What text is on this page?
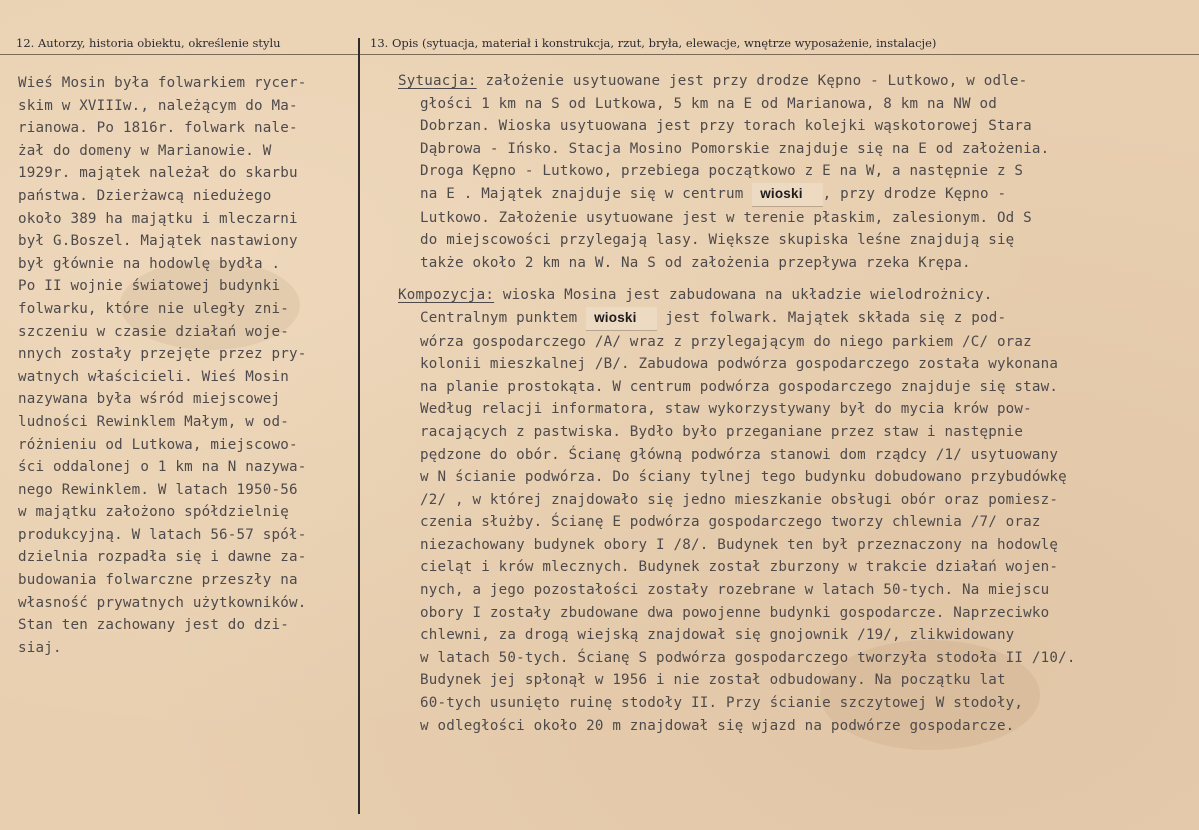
12. Autorzy, historia obiektu, określenie stylu	13. Opis (sytuacja, materiał i konstrukcja, rzut, bryła, elewacje, wnętrze wyposażenie, instalacje)
Wieś Mosin była folwarkiem rycer-
skim w XVIIIw., należącym do Ma-
rianowa. Po 1816r. folwark nale-
żał do domeny w Marianowie. W
1929r. majątek należał do skarbu
państwa. Dzierżawcą niedużego
około 389 ha majątku i mleczarni
był G.Boszel. Majątek nastawiony
był głównie na hodowlę bydła .
Po II wojnie światowej budynki
folwarku, które nie uległy zni-
szczeniu w czasie działań woje-
nnych zostały przejęte przez pry-
watnych właścicieli. Wieś Mosin
nazywana była wśród miejscowej
ludności Rewinklem Małym, w od-
różnieniu od Lutkowa, miejscowo-
ści oddalonej o 1 km na N nazywa-
nego Rewinklem. W latach 1950-56
w majątku założono spółdzielnię
produkcyjną. W latach 56-57 spół-
dzielnia rozpadła się i dawne za-
budowania folwarczne przeszły na
własność prywatnych użytkowników.
Stan ten zachowany jest do dzi-
siaj.
Sytuacja: założenie usytuowane jest przy drodze Kępno - Lutkowo, w odle-
głości 1 km na S od Lutkowa, 5 km na E od Marianowa, 8 km na NW od
Dobrzan. Wioska usytuowana jest przy torach kolejki wąskotorowej Stara
Dąbrowa - Ińsko. Stacja Mosino Pomorskie znajduje się na E od założenia.
Droga Kępno - Lutkowo, przebiega początkowo z E na W, a następnie z S
na E . Majątek znajduje się w centrum wioski , przy drodze Kępno -
Lutkowo. Założenie usytuowane jest w terenie płaskim, zalesionym. Od S
do miejscowości przylegają lasy. Większe skupiska leśne znajdują się
także około 2 km na W. Na S od założenia przepływa rzeka Krępa.
Kompozycja: wioska Mosina jest zabudowana na układzie wielodrożnicy.
Centralnym punktem wioski jest folwark. Majątek składa się z pod-
wórza gospodarczego /A/ wraz z przylegającym do niego parkiem /C/ oraz
kolonii mieszkalnej /B/. Zabudowa podwórza gospodarczego została wykonana
na planie prostokąta. W centrum podwórza gospodarczego znajduje się staw.
Według relacji informatora, staw wykorzystywany był do mycia krów pow-
racających z pastwiska. Bydło było przeganiane przez staw i następnie
pędzone do obór. Ścianę główną podwórza stanowi dom rządcy /1/ usytuowany
w N ścianie podwórza. Do ściany tylnej tego budynku dobudowano przybudówkę
/2/ , w której znajdowało się jedno mieszkanie obsługi obór oraz pomiesz-
czenia służby. Ścianę E podwórza gospodarczego tworzy chlewnia /7/ oraz
niezachowany budynek obory I /8/. Budynek ten był przeznaczony na hodowlę
cieląt i krów mlecznych. Budynek został zburzony w trakcie działań wojen-
nych, a jego pozostałości zostały rozebrane w latach 50-tych. Na miejscu
obory I zostały zbudowane dwa powojenne budynki gospodarcze. Naprzeciwko
chlewni, za drogą wiejską znajdował się gnojownik /19/, zlikwidowany
w latach 50-tych. Ścianę S podwórza gospodarczego tworzyła stodoła II /10/.
Budynek jej spłonął w 1956 i nie został odbudowany. Na początku lat
60-tych usunięto ruinę stodoły II. Przy ścianie szczytowej W stodoły,
w odległości około 20 m znajdował się wjazd na podwórze gospodarcze.
